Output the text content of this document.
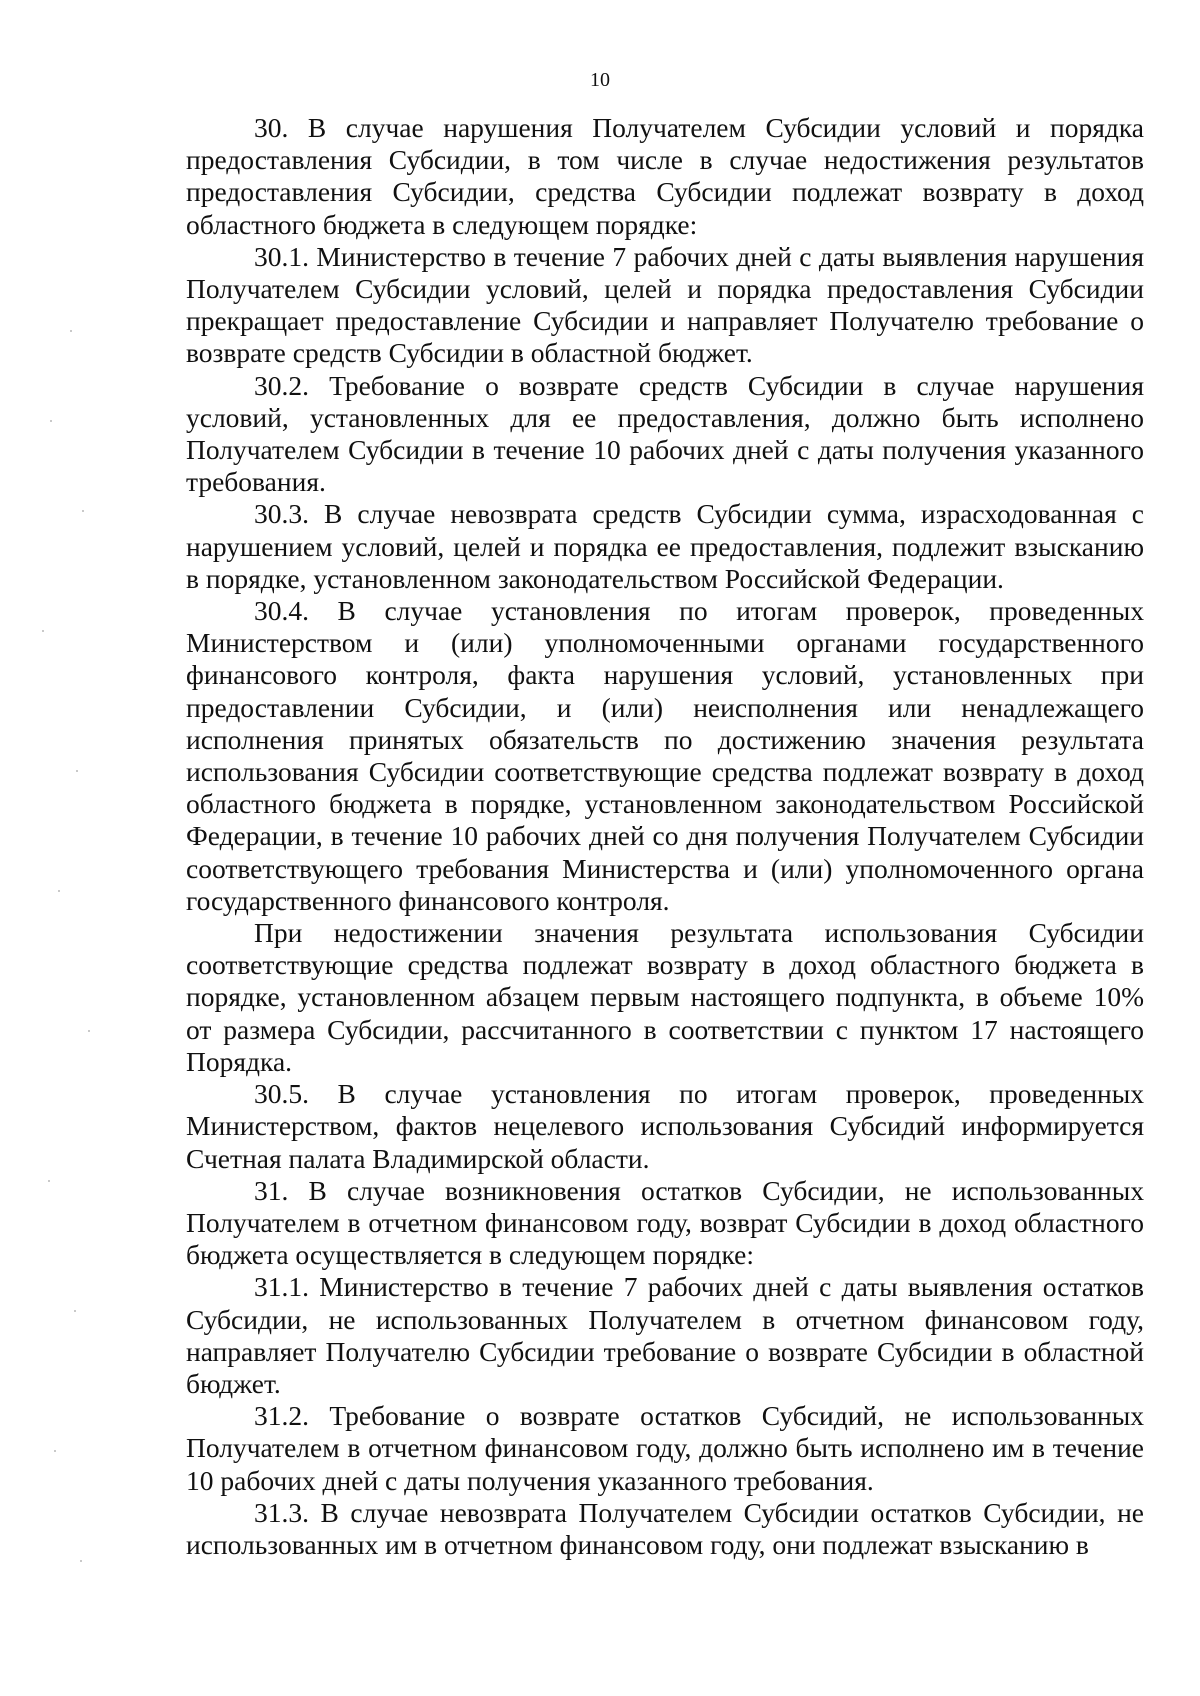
10

30. В случае нарушения Получателем Субсидии условий и порядка предоставления Субсидии, в том числе в случае недостижения результатов предоставления Субсидии, средства Субсидии подлежат возврату в доход областного бюджета в следующем порядке:

30.1. Министерство в течение 7 рабочих дней с даты выявления нарушения Получателем Субсидии условий, целей и порядка предоставления Субсидии прекращает предоставление Субсидии и направляет Получателю требование о возврате средств Субсидии в областной бюджет.

30.2. Требование о возврате средств Субсидии в случае нарушения условий, установленных для ее предоставления, должно быть исполнено Получателем Субсидии в течение 10 рабочих дней с даты получения указанного требования.

30.3. В случае невозврата средств Субсидии сумма, израсходованная с нарушением условий, целей и порядка ее предоставления, подлежит взысканию в порядке, установленном законодательством Российской Федерации.

30.4. В случае установления по итогам проверок, проведенных Министерством и (или) уполномоченными органами государственного финансового контроля, факта нарушения условий, установленных при предоставлении Субсидии, и (или) неисполнения или ненадлежащего исполнения принятых обязательств по достижению значения результата использования Субсидии соответствующие средства подлежат возврату в доход областного бюджета в порядке, установленном законодательством Российской Федерации, в течение 10 рабочих дней со дня получения Получателем Субсидии соответствующего требования Министерства и (или) уполномоченного органа государственного финансового контроля.

При недостижении значения результата использования Субсидии соответствующие средства подлежат возврату в доход областного бюджета в порядке, установленном абзацем первым настоящего подпункта, в объеме 10% от размера Субсидии, рассчитанного в соответствии с пунктом 17 настоящего Порядка.

30.5. В случае установления по итогам проверок, проведенных Министерством, фактов нецелевого использования Субсидий информируется Счетная палата Владимирской области.

31. В случае возникновения остатков Субсидии, не использованных Получателем в отчетном финансовом году, возврат Субсидии в доход областного бюджета осуществляется в следующем порядке:

31.1. Министерство в течение 7 рабочих дней с даты выявления остатков Субсидии, не использованных Получателем в отчетном финансовом году, направляет Получателю Субсидии требование о возврате Субсидии в областной бюджет.

31.2. Требование о возврате остатков Субсидий, не использованных Получателем в отчетном финансовом году, должно быть исполнено им в течение 10 рабочих дней с даты получения указанного требования.

31.3. В случае невозврата Получателем Субсидии остатков Субсидии, не использованных им в отчетном финансовом году, они подлежат взысканию в
